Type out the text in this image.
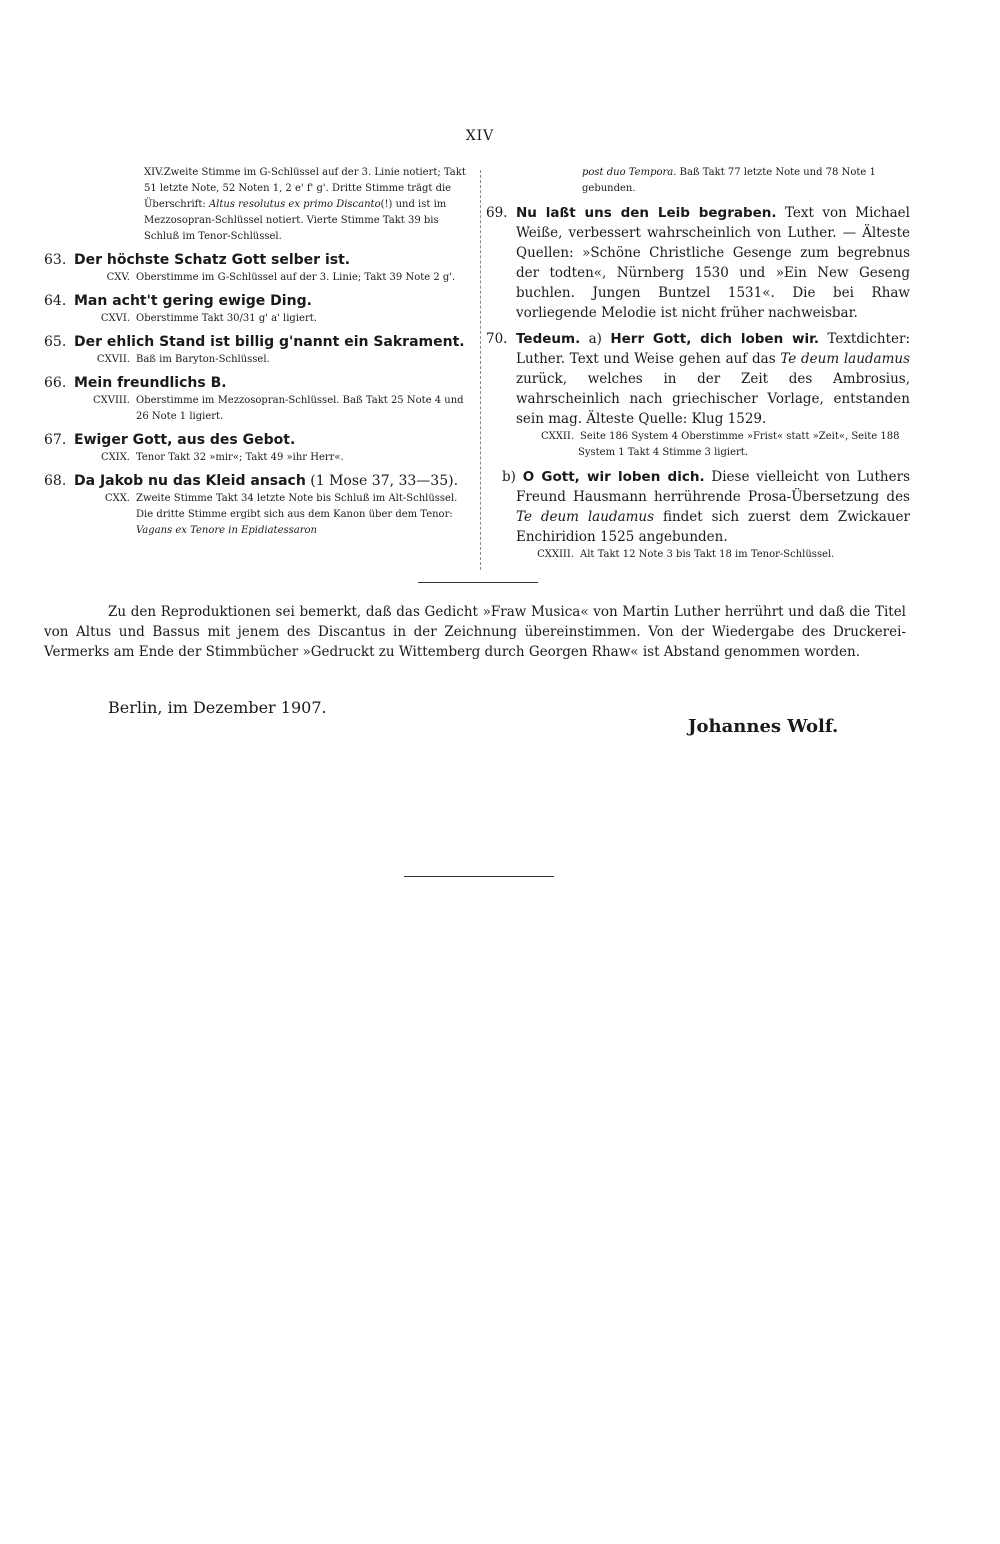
XIV
XIV.Zweite Stimme im G-Schlüssel auf der 3. Linie notiert; Takt 51 letzte Note, 52 Noten 1, 2 e' f' g'. Dritte Stimme trägt die Überschrift: Altus resolutus ex primo Discanto(!) und ist im Mezzosopran-Schlüssel notiert. Vierte Stimme Takt 39 bis Schluß im Tenor-Schlüssel.
63. Der höchste Schatz Gott selber ist.
CXV. Oberstimme im G-Schlüssel auf der 3. Linie; Takt 39 Note 2 g'.
64. Man acht't gering ewige Ding.
CXVI. Oberstimme Takt 30/31 g' a' ligiert.
65. Der ehlich Stand ist billig g'nannt ein Sakrament.
CXVII. Baß im Baryton-Schlüssel.
66. Mein freundlichs B.
CXVIII. Oberstimme im Mezzosopran-Schlüssel. Baß Takt 25 Note 4 und 26 Note 1 ligiert.
67. Ewiger Gott, aus des Gebot.
CXIX. Tenor Takt 32 »mir«; Takt 49 »ihr Herr«.
68. Da Jakob nu das Kleid ansach (1 Mose 37, 33—35).
CXX. Zweite Stimme Takt 34 letzte Note bis Schluß im Alt-Schlüssel. Die dritte Stimme ergibt sich aus dem Kanon über dem Tenor: Vagans ex Tenore in Epidiatessaron
post duo Tempora. Baß Takt 77 letzte Note und 78 Note 1 gebunden.
69. Nu laßt uns den Leib begraben. Text von Michael Weiße, verbessert wahrscheinlich von Luther. — Älteste Quellen: »Schöne Christliche Gesenge zum begrebnus der todten«, Nürnberg 1530 und »Ein New Geseng buchlen. Jungen Buntzel 1531«. Die bei Rhaw vorliegende Melodie ist nicht früher nachweisbar.
70. Tedeum. a) Herr Gott, dich loben wir. Textdichter: Luther. Text und Weise gehen auf das Te deum laudamus zurück, welches in der Zeit des Ambrosius, wahrscheinlich nach griechischer Vorlage, entstanden sein mag. Älteste Quelle: Klug 1529.
CXXII. Seite 186 System 4 Oberstimme »Frist« statt »Zeit«, Seite 188 System 1 Takt 4 Stimme 3 ligiert.
b) O Gott, wir loben dich. Diese vielleicht von Luthers Freund Hausmann herrührende Prosa-Übersetzung des Te deum laudamus findet sich zuerst dem Zwickauer Enchiridion 1525 angebunden.
CXXIII. Alt Takt 12 Note 3 bis Takt 18 im Tenor-Schlüssel.
Zu den Reproduktionen sei bemerkt, daß das Gedicht »Fraw Musica« von Martin Luther herrührt und daß die Titel von Altus und Bassus mit jenem des Discantus in der Zeichnung übereinstimmen. Von der Wiedergabe des Druckerei-Vermerks am Ende der Stimmbücher »Gedruckt zu Wittemberg durch Georgen Rhaw« ist Abstand genommen worden.
Berlin, im Dezember 1907.
Johannes Wolf.
